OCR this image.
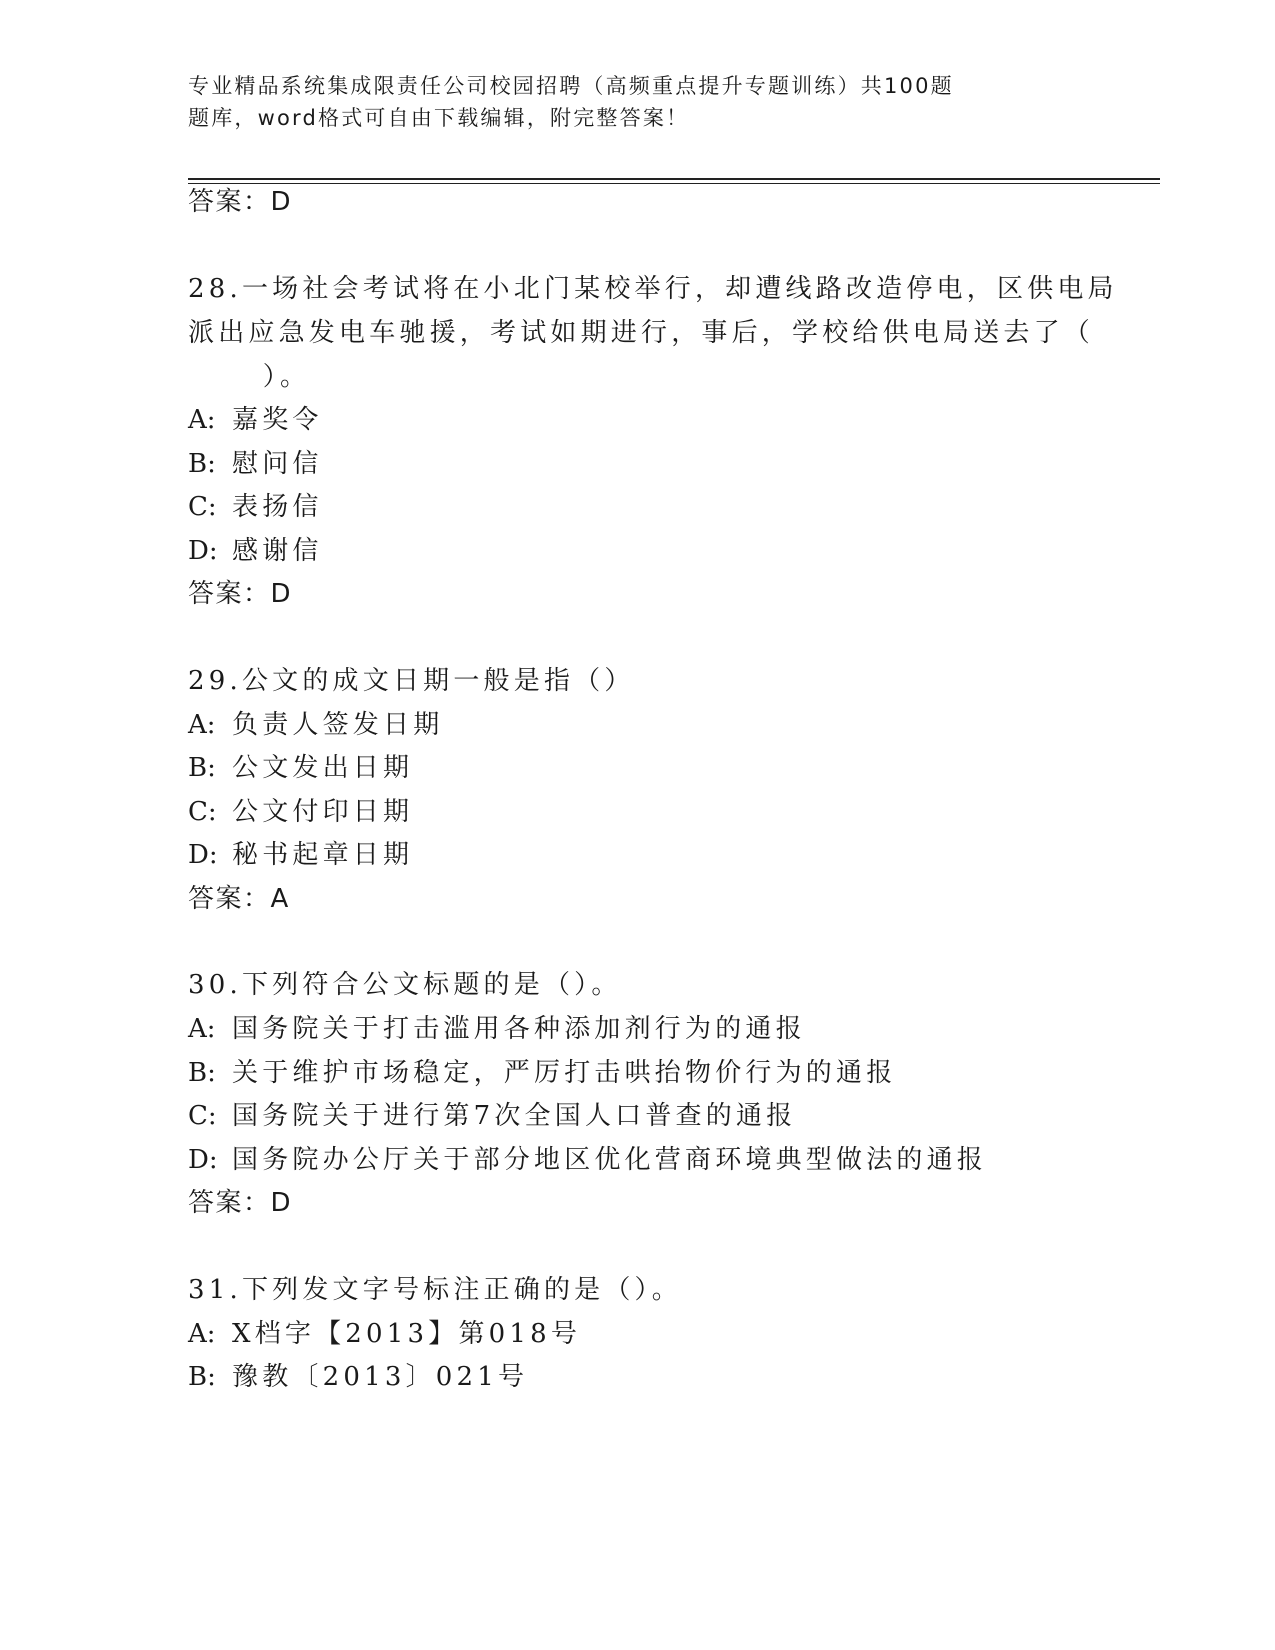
专业精品系统集成限责任公司校园招聘（高频重点提升专题训练）共100题
题库，word格式可自由下载编辑，附完整答案！
答案：D
28.一场社会考试将在小北门某校举行，却遭线路改造停电，区供电局
派出应急发电车驰援，考试如期进行，事后，学校给供电局送去了（
）。
A: 嘉奖令
B: 慰问信
C: 表扬信
D: 感谢信
答案：D
29.公文的成文日期一般是指（）
A: 负责人签发日期
B: 公文发出日期
C: 公文付印日期
D: 秘书起章日期
答案：A
30.下列符合公文标题的是（）。
A: 国务院关于打击滥用各种添加剂行为的通报
B: 关于维护市场稳定，严厉打击哄抬物价行为的通报
C: 国务院关于进行第7次全国人口普查的通报
D: 国务院办公厅关于部分地区优化营商环境典型做法的通报
答案：D
31.下列发文字号标注正确的是（）。
A: X档字【2013】第018号
B: 豫教〔2013〕021号
